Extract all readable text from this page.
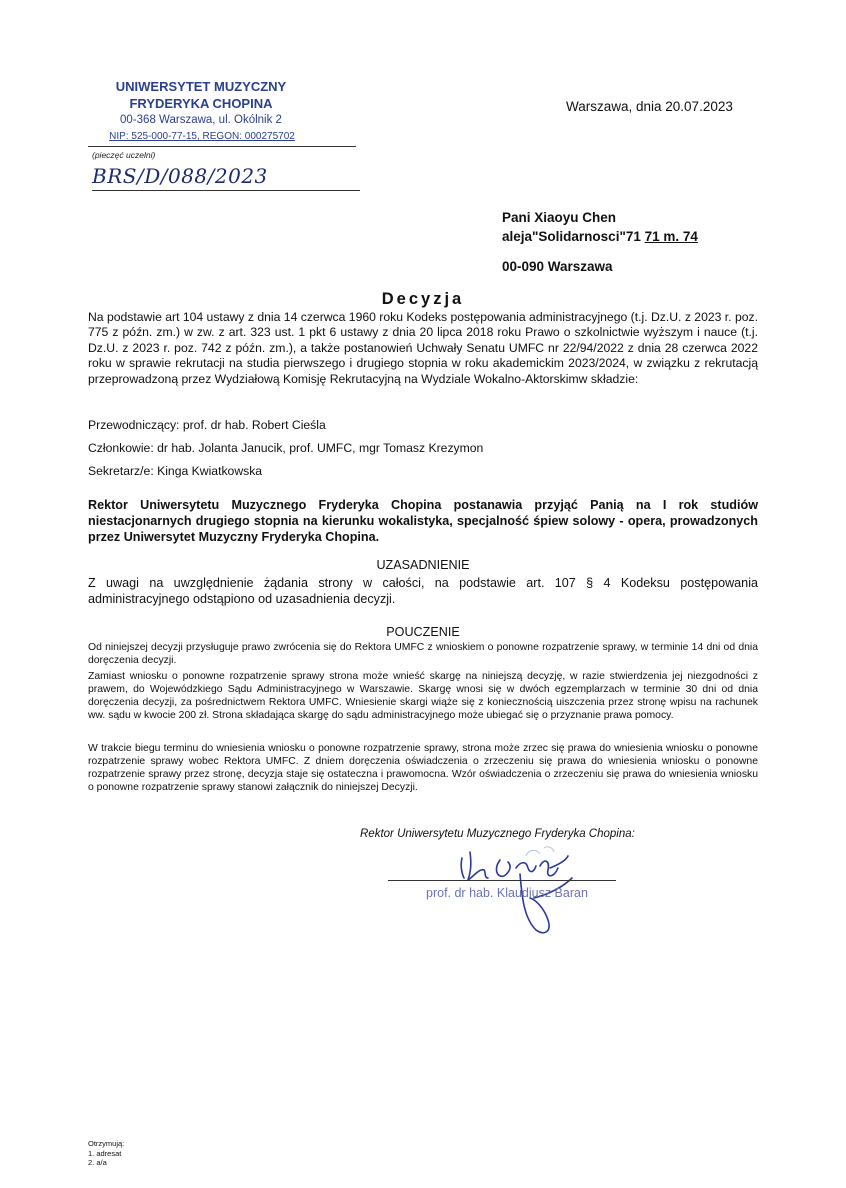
UNIWERSYTET MUZYCZNY
FRYDERYKA CHOPINA
00-368 Warszawa, ul. Okólnik 2
NIP: 525-000-77-15, REGON: 000275702
(pieczęć uczelni)
BRS/D/088/2023
Warszawa, dnia 20.07.2023
Pani Xiaoyu Chen
aleja"Solidarnosci"71 71 m. 74
00-090 Warszawa
Decyzja
Na podstawie art 104 ustawy z dnia 14 czerwca 1960 roku Kodeks postępowania administracyjnego (t.j. Dz.U. z 2023 r. poz. 775 z późn. zm.) w zw. z art. 323 ust. 1 pkt 6 ustawy z dnia 20 lipca 2018 roku Prawo o szkolnictwie wyższym i nauce (t.j. Dz.U. z 2023 r. poz. 742 z późn. zm.), a także postanowień Uchwały Senatu UMFC nr 22/94/2022 z dnia 28 czerwca 2022 roku w sprawie rekrutacji na studia pierwszego i drugiego stopnia w roku akademickim 2023/2024, w związku z rekrutacją przeprowadzoną przez Wydziałową Komisję Rekrutacyjną na Wydziale Wokalno-Aktorskimw składzie:
Przewodniczący: prof. dr hab. Robert Cieśla
Członkowie: dr hab. Jolanta Janucik, prof. UMFC, mgr Tomasz Krezymon
Sekretarz/e: Kinga Kwiatkowska
Rektor Uniwersytetu Muzycznego Fryderyka Chopina postanawia przyjąć Panią na I rok studiów niestacjonarnych drugiego stopnia na kierunku wokalistyka, specjalność śpiew solowy - opera, prowadzonych przez Uniwersytet Muzyczny Fryderyka Chopina.
UZASADNIENIE
Z uwagi na uwzględnienie żądania strony w całości, na podstawie art. 107 § 4 Kodeksu postępowania administracyjnego odstąpiono od uzasadnienia decyzji.
POUCZENIE
Od niniejszej decyzji przysługuje prawo zwrócenia się do Rektora UMFC z wnioskiem o ponowne rozpatrzenie sprawy, w terminie 14 dni od dnia doręczenia decyzji.
Zamiast wniosku o ponowne rozpatrzenie sprawy strona może wnieść skargę na niniejszą decyzję, w razie stwierdzenia jej niezgodności z prawem, do Wojewódzkiego Sądu Administracyjnego w Warszawie. Skargę wnosi się w dwóch egzemplarzach w terminie 30 dni od dnia doręczenia decyzji, za pośrednictwem Rektora UMFC. Wniesienie skargi wiąże się z koniecznością uiszczenia przez stronę wpisu na rachunek ww. sądu w kwocie 200 zł. Strona składająca skargę do sądu administracyjnego może ubiegać się o przyznanie prawa pomocy.
W trakcie biegu terminu do wniesienia wniosku o ponowne rozpatrzenie sprawy, strona może zrzec się prawa do wniesienia wniosku o ponowne rozpatrzenie sprawy wobec Rektora UMFC. Z dniem doręczenia oświadczenia o zrzeczeniu się prawa do wniesienia wniosku o ponowne rozpatrzenie sprawy przez stronę, decyzja staje się ostateczna i prawomocna. Wzór oświadczenia o zrzeczeniu się prawa do wniesienia wniosku o ponowne rozpatrzenie sprawy stanowi załącznik do niniejszej Decyzji.
Rektor Uniwersytetu Muzycznego Fryderyka Chopina:
prof. dr hab. Klaudiusz Baran
Otrzymują:
1. adresat
2. a/a
